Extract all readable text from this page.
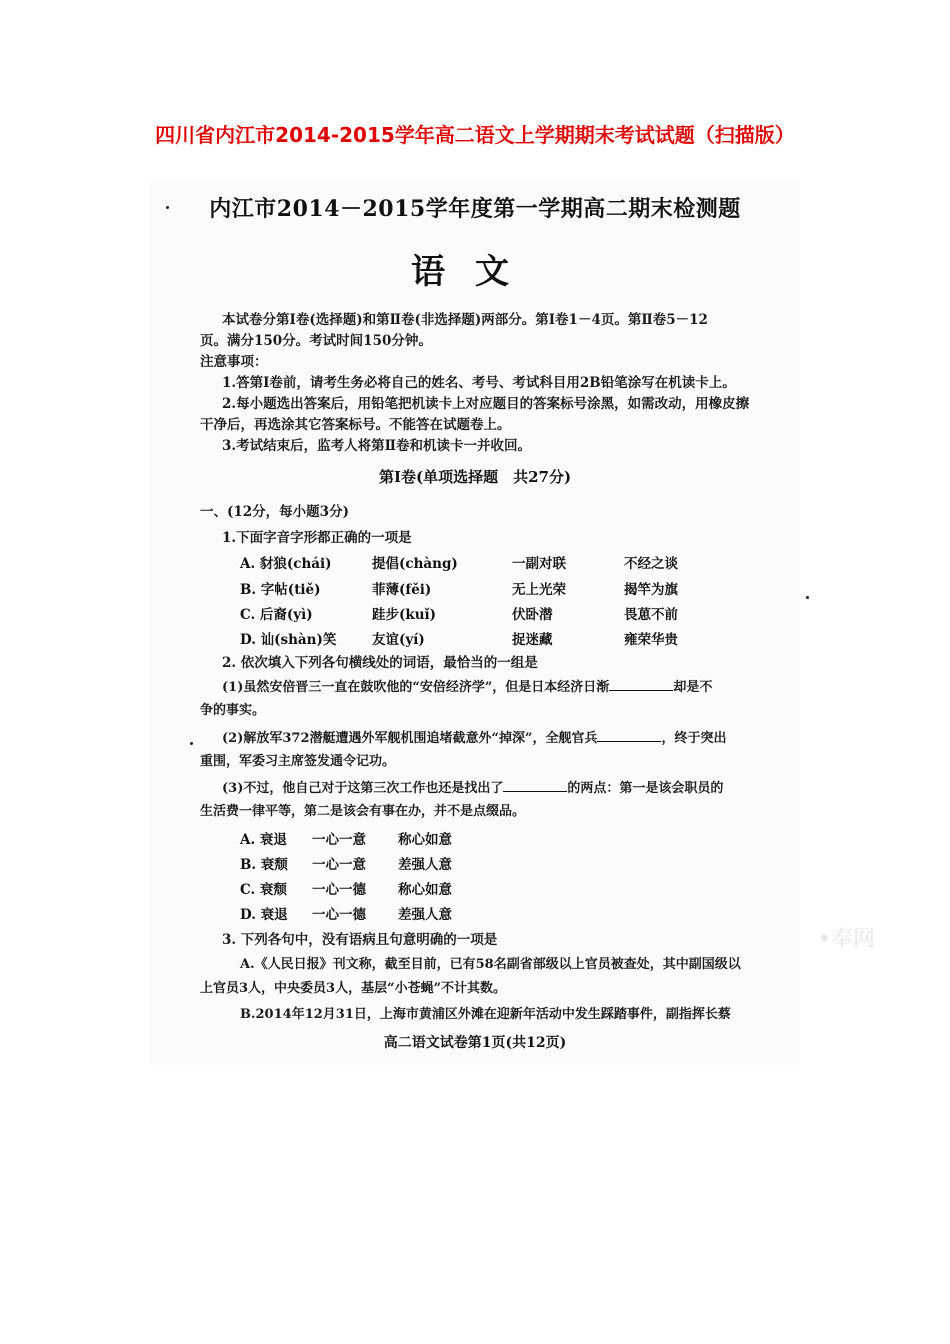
四川省内江市2014-2015学年高二语文上学期期末考试试题（扫描版）
内江市2014－2015学年度第一学期高二期末检测题
语文
本试卷分第Ⅰ卷(选择题)和第Ⅱ卷(非选择题)两部分。第Ⅰ卷1－4页。第Ⅱ卷5－12
页。满分150分。考试时间150分钟。
注意事项：
1.答第Ⅰ卷前，请考生务必将自己的姓名、考号、考试科目用2B铅笔涂写在机读卡上。
2.每小题选出答案后，用铅笔把机读卡上对应题目的答案标号涂黑，如需改动，用橡皮擦
干净后，再选涂其它答案标号。不能答在试题卷上。
3.考试结束后，监考人将第Ⅱ卷和机读卡一并收回。
第Ⅰ卷(单项选择题　共27分)
一、(12分，每小题3分)
1.下面字音字形都正确的一项是
A. 豺狼(chái)	提倡(chàng)	一副对联	不经之谈
B. 字帖(tiě)	菲薄(fěi)	无上光荣	揭竿为旗
C. 后裔(yì)	跬步(kuǐ)	伏卧潜	畏葸不前
D. 讪(shàn)笑	友谊(yí)	捉迷藏	雍荣华贵
2. 依次填入下列各句横线处的词语，最恰当的一组是
(1)虽然安倍晋三一直在鼓吹他的“安倍经济学”，但是日本经济日渐	却是不
争的事实。
(2)解放军372潜艇遭遇外军舰机围追堵截意外“掉深”，全舰官兵	，终于突出
重围，军委习主席签发通令记功。
(3)不过，他自己对于这第三次工作也还是找出了	的两点：第一是该会职员的
生活费一律平等，第二是该会有事在办，并不是点缀品。
A. 衰退 一心一意 称心如意
B. 衰颓 一心一意 差强人意
C. 衰颓 一心一德 称心如意
D. 衰退 一心一德 差强人意
3. 下列各句中，没有语病且句意明确的一项是
A.《人民日报》刊文称，截至目前，已有58名副省部级以上官员被查处，其中副国级以
上官员3人，中央委员3人，基层“小苍蝇”不计其数。
B.2014年12月31日，上海市黄浦区外滩在迎新年活动中发生踩踏事件，副指挥长蔡
•奉网
高二语文试卷第1页(共12页)
